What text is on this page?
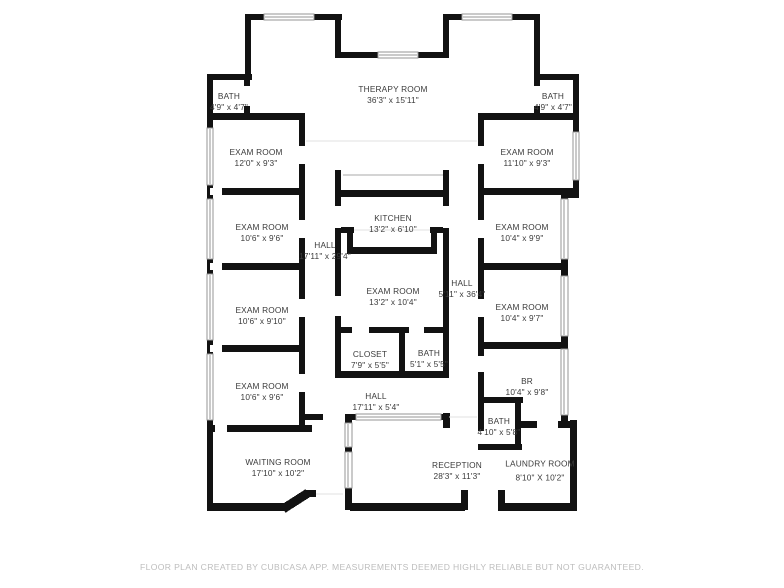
THERAPY ROOM
36'3" x 15'11"
BATH
4'9" x 4'7"
BATH
4'9" x 4'7"
EXAM ROOM
12'0" x 9'3"
EXAM ROOM
11'10" x 9'3"
EXAM ROOM
10'6" x 9'6"
KITCHEN
13'2" x 6'10"	EXAM ROOM
10'4" x 9'9"
HALL
17'11" x 29'4"
HALL
5'11" x 36'4"
EXAM ROOM
10'6" x 9'10"
EXAM ROOM
13'2" x 10'4"	EXAM ROOM
10'4" x 9'7"
CLOSET
7'9" x 5'5"
BATH
5'1" x 5'5"
BR
10'4" x 9'8"
EXAM ROOM
10'6" x 9'6"	HALL
17'11" x 5'4"
BATH
4'10" x 5'8"
WAITING ROOM
17'10" x 10'2"
RECEPTION
28'3" x 11'3"
LAUNDRY ROOM
8'10" X 10'2"
FLOOR PLAN CREATED BY CUBICASA APP. MEASUREMENTS DEEMED HIGHLY RELIABLE BUT NOT GUARANTEED.
